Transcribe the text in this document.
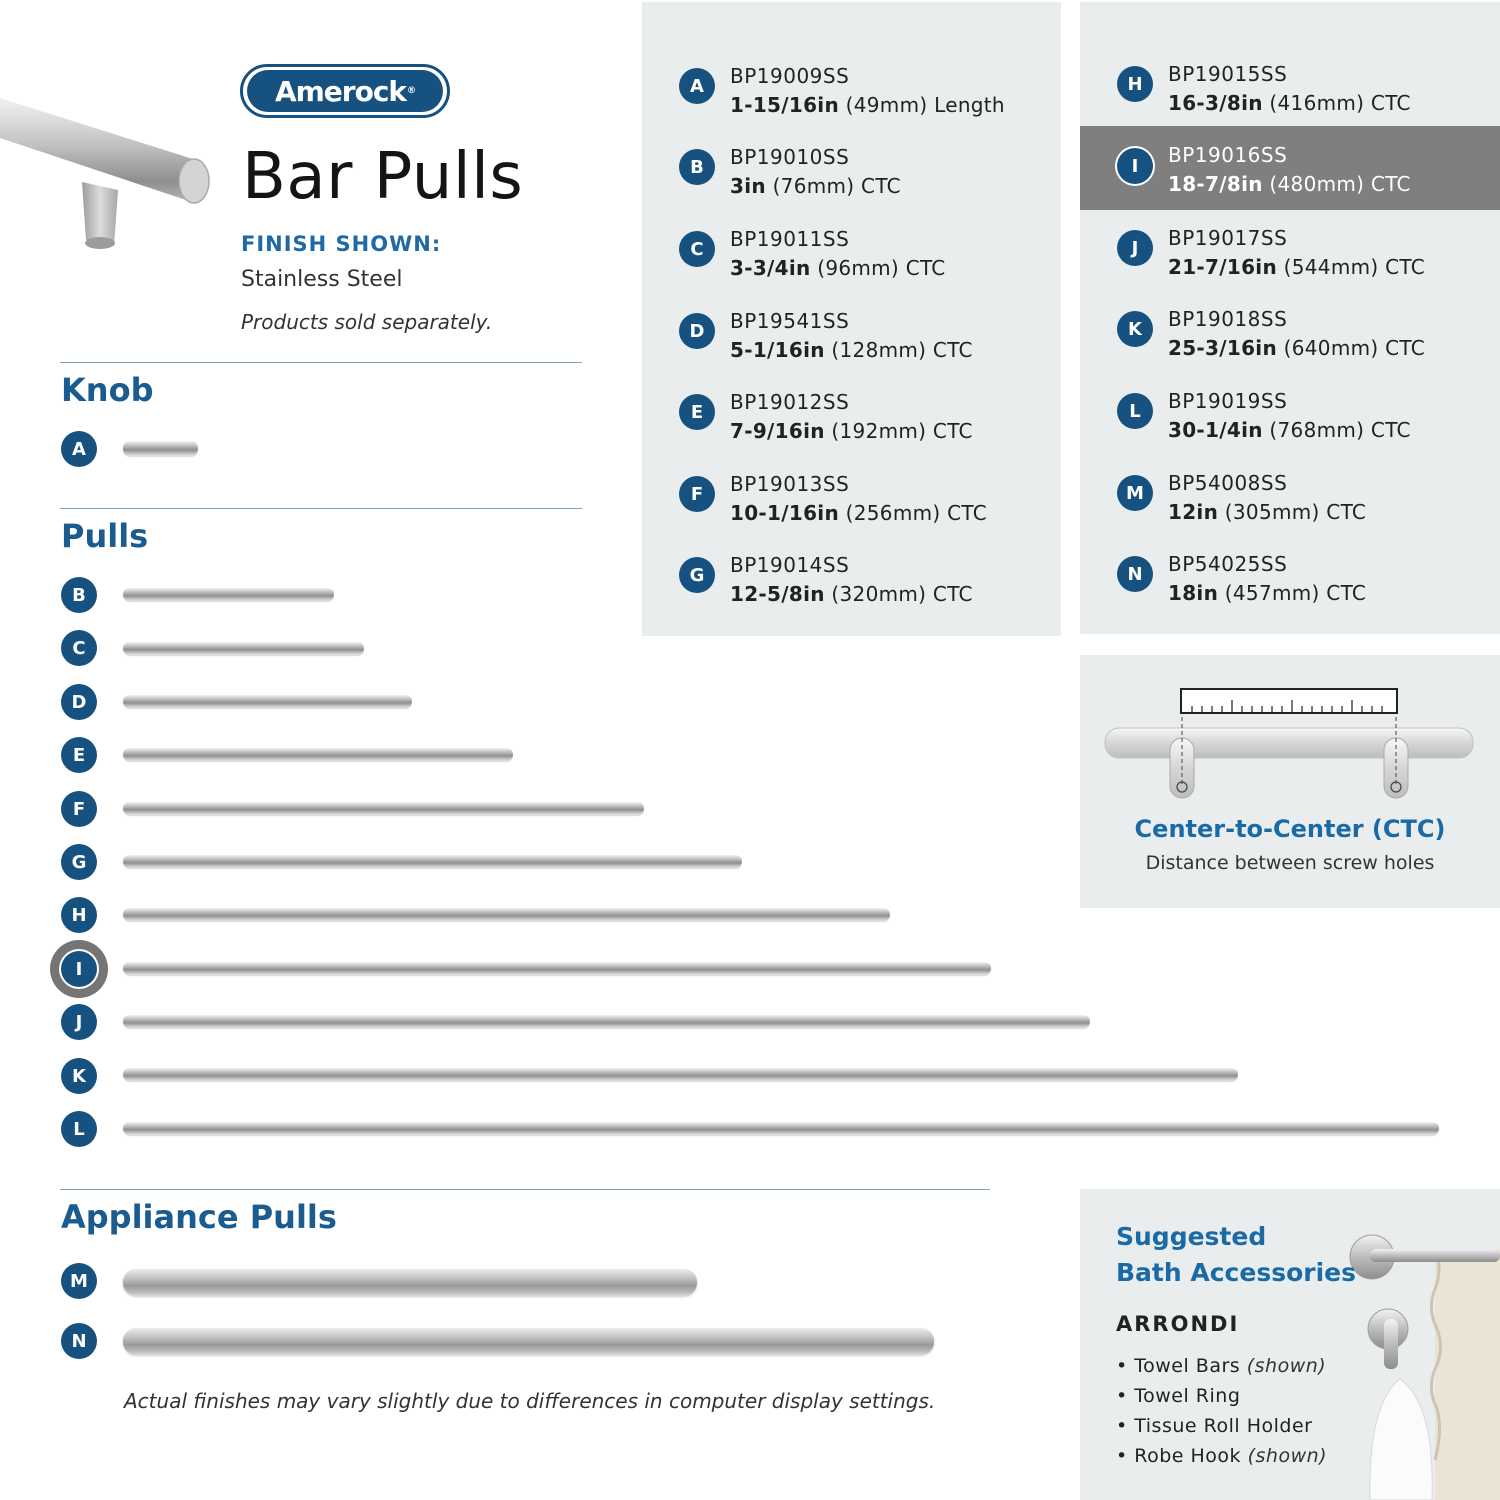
Amerock ®
Bar Pulls
FINISH SHOWN:
Stainless Steel
Products sold separately.
Knob
A
Pulls
B
C
D
E
F
G
H
I
J
K
L
Appliance Pulls
M
N
Actual finishes may vary slightly due to differences in computer display settings.
A	BP19009SS
1-15/16in (49mm) Length
B	BP19010SS
3in (76mm) CTC
C	BP19011SS
3-3/4in (96mm) CTC
D	BP19541SS
5-1/16in (128mm) CTC
E	BP19012SS
7-9/16in (192mm) CTC
F	BP19013SS
10-1/16in (256mm) CTC
G	BP19014SS
12-5/8in (320mm) CTC
H	BP19015SS
16-3/8in (416mm) CTC
I	BP19016SS
18-7/8in (480mm) CTC
J	BP19017SS
21-7/16in (544mm) CTC
K	BP19018SS
25-3/16in (640mm) CTC
L	BP19019SS
30-1/4in (768mm) CTC
M	BP54008SS
12in (305mm) CTC
N	BP54025SS
18in (457mm) CTC
Center-to-Center (CTC)
Distance between screw holes
Suggested
Bath Accessories
ARRONDI
• Towel Bars (shown)
• Towel Ring
• Tissue Roll Holder
• Robe Hook (shown)
